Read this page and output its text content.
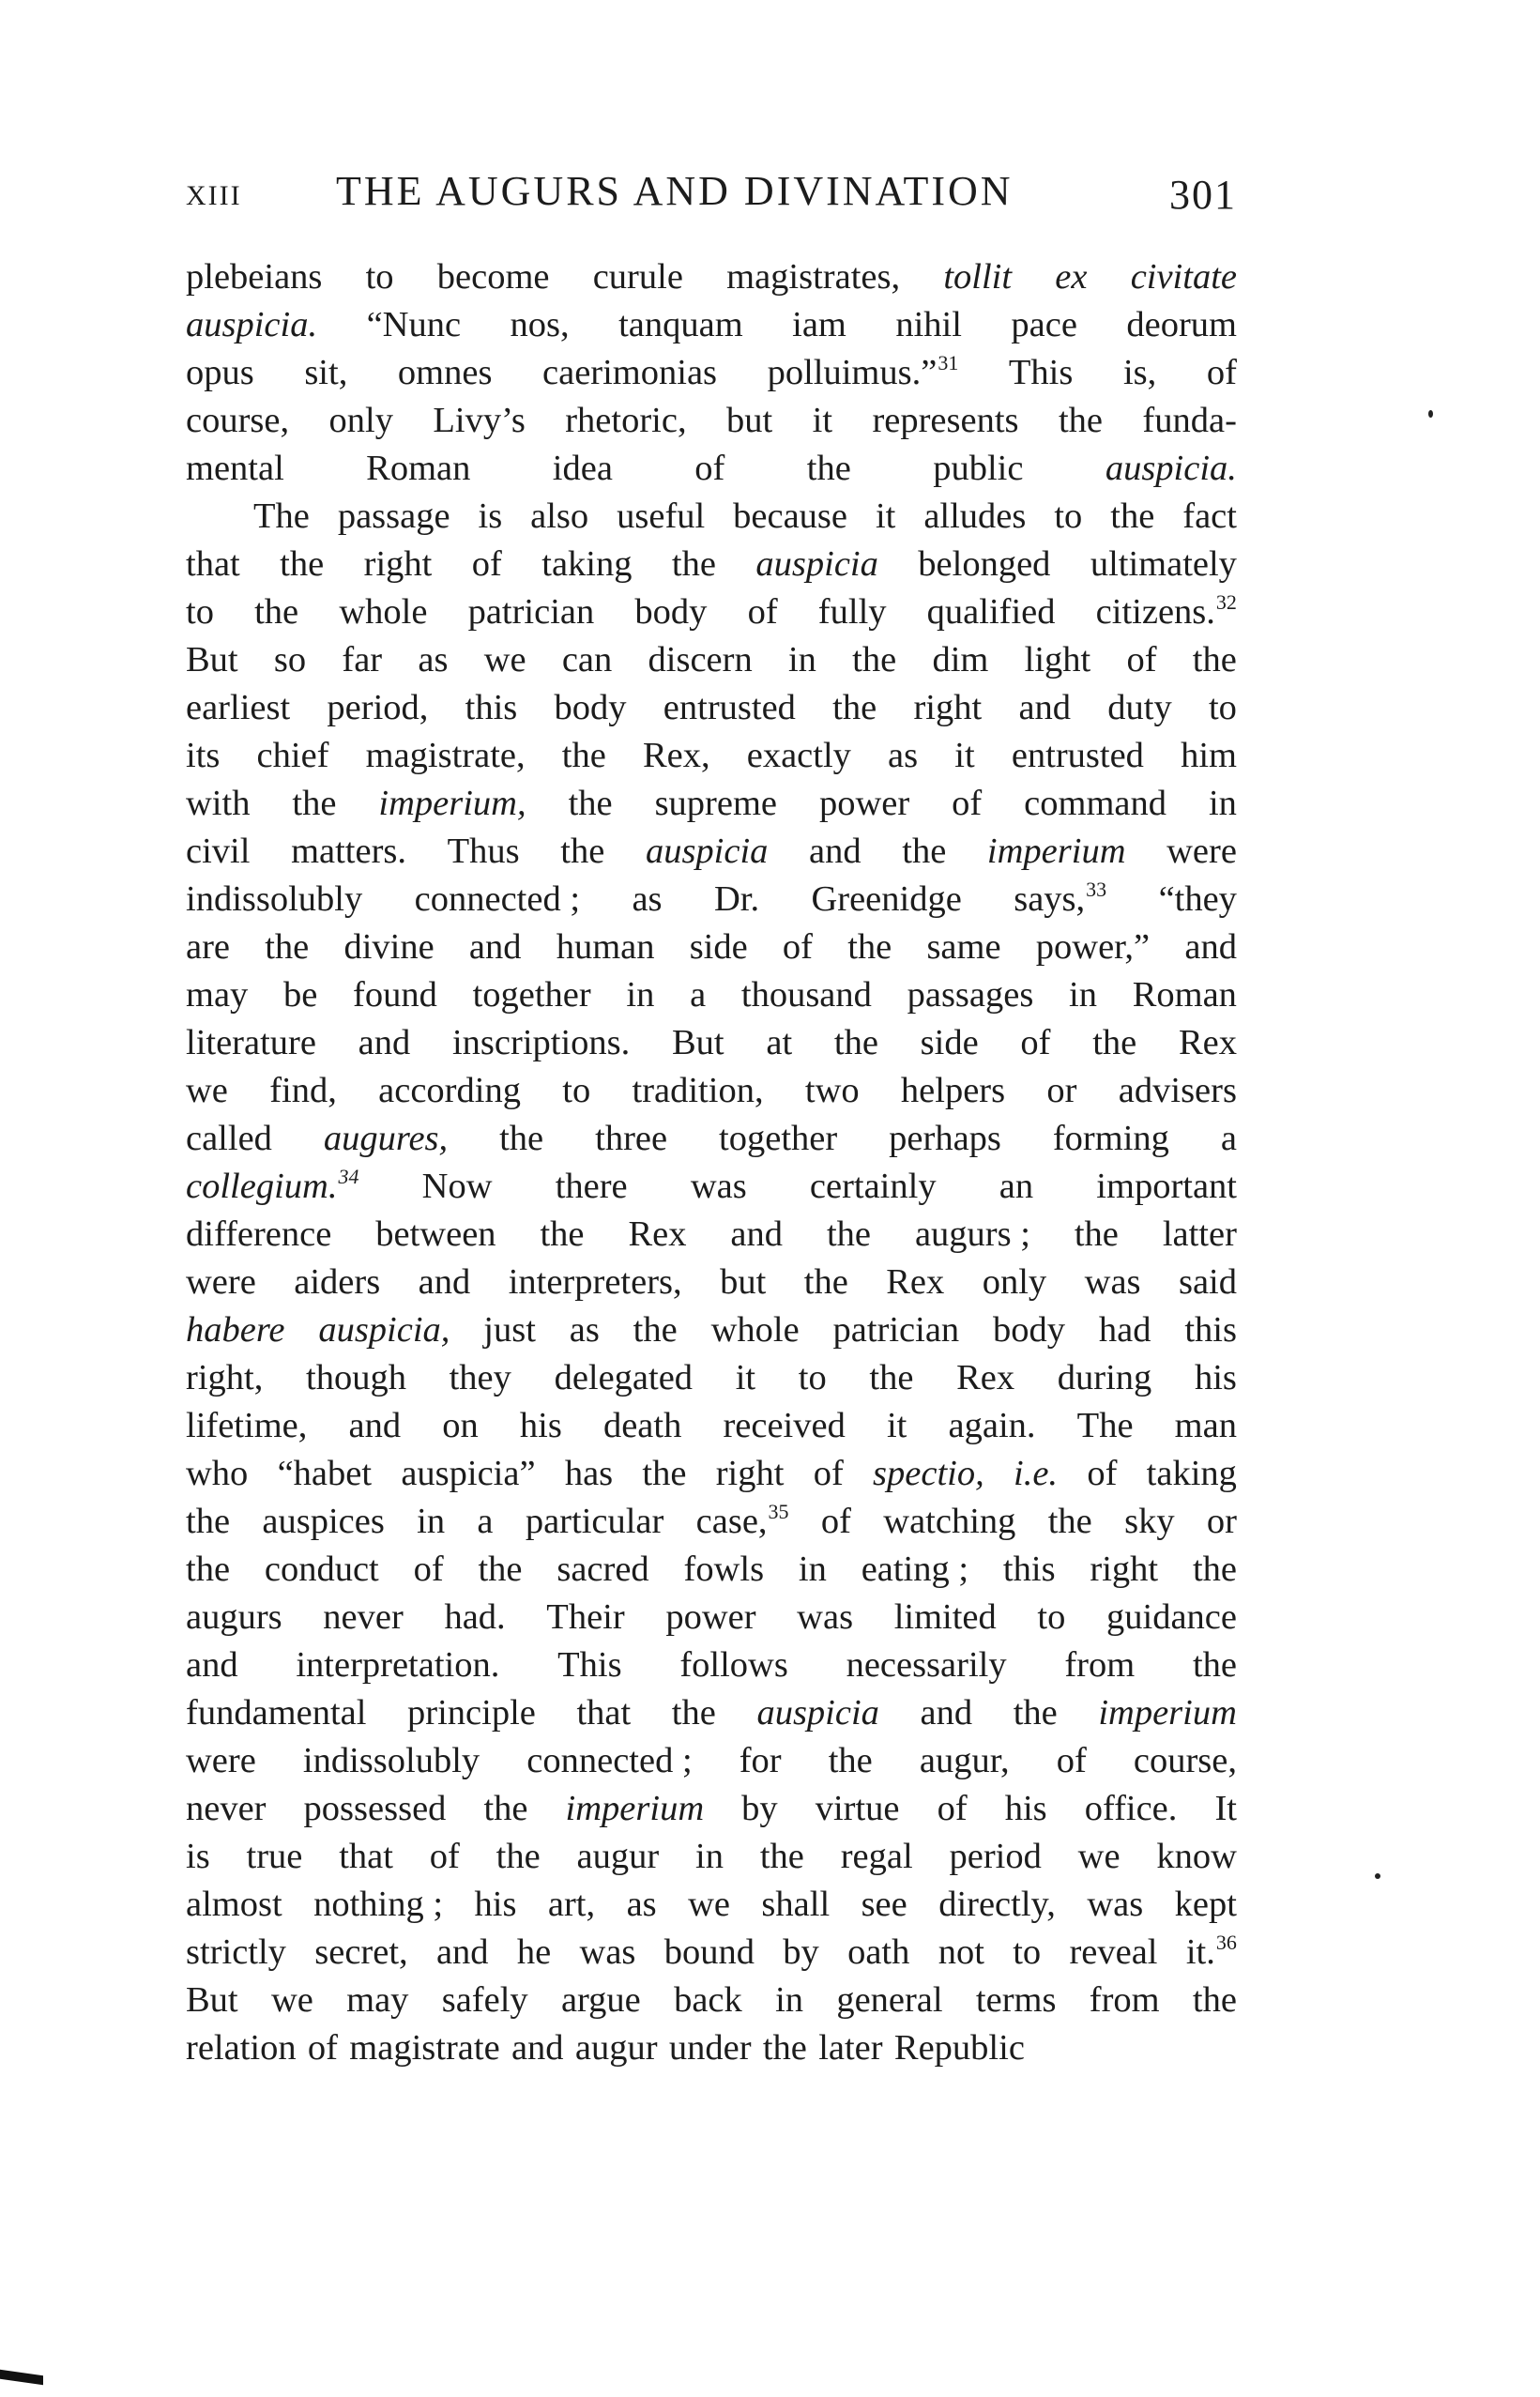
XIII THE AUGURS AND DIVINATION	301
plebeians to become curule magistrates, tollit ex civitate
auspicia. “Nunc nos, tanquam iam nihil pace deorum
opus sit, omnes caerimonias polluimus.”$^{31}$ This is, of
course, only Livy’s rhetoric, but it represents the funda-
mental Roman idea of the public auspicia.
The passage is also useful because it alludes to the fact
that the right of taking the auspicia belonged ultimately
to the whole patrician body of fully qualified citizens.$^{32}$
But so far as we can discern in the dim light of the
earliest period, this body entrusted the right and duty to
its chief magistrate, the Rex, exactly as it entrusted him
with the imperium, the supreme power of command in
civil matters. Thus the auspicia and the imperium were
indissolubly connected ; as Dr. Greenidge says,$^{33}$ “they
are the divine and human side of the same power,” and
may be found together in a thousand passages in Roman
literature and inscriptions. But at the side of the Rex
we find, according to tradition, two helpers or advisers
called augures, the three together perhaps forming a
collegium.$^{34}$ Now there was certainly an important
difference between the Rex and the augurs ; the latter
were aiders and interpreters, but the Rex only was said
habere auspicia, just as the whole patrician body had this
right, though they delegated it to the Rex during his
lifetime, and on his death received it again. The man
who “habet auspicia” has the right of spectio, i.e. of taking
the auspices in a particular case,$^{35}$ of watching the sky or
the conduct of the sacred fowls in eating ; this right the
augurs never had. Their power was limited to guidance
and interpretation. This follows necessarily from the
fundamental principle that the auspicia and the imperium
were indissolubly connected ; for the augur, of course,
never possessed the imperium by virtue of his office. It
is true that of the augur in the regal period we know
almost nothing ; his art, as we shall see directly, was kept
strictly secret, and he was bound by oath not to reveal it.$^{36}$
But we may safely argue back in general terms from the
relation of magistrate and augur under the later Republic
